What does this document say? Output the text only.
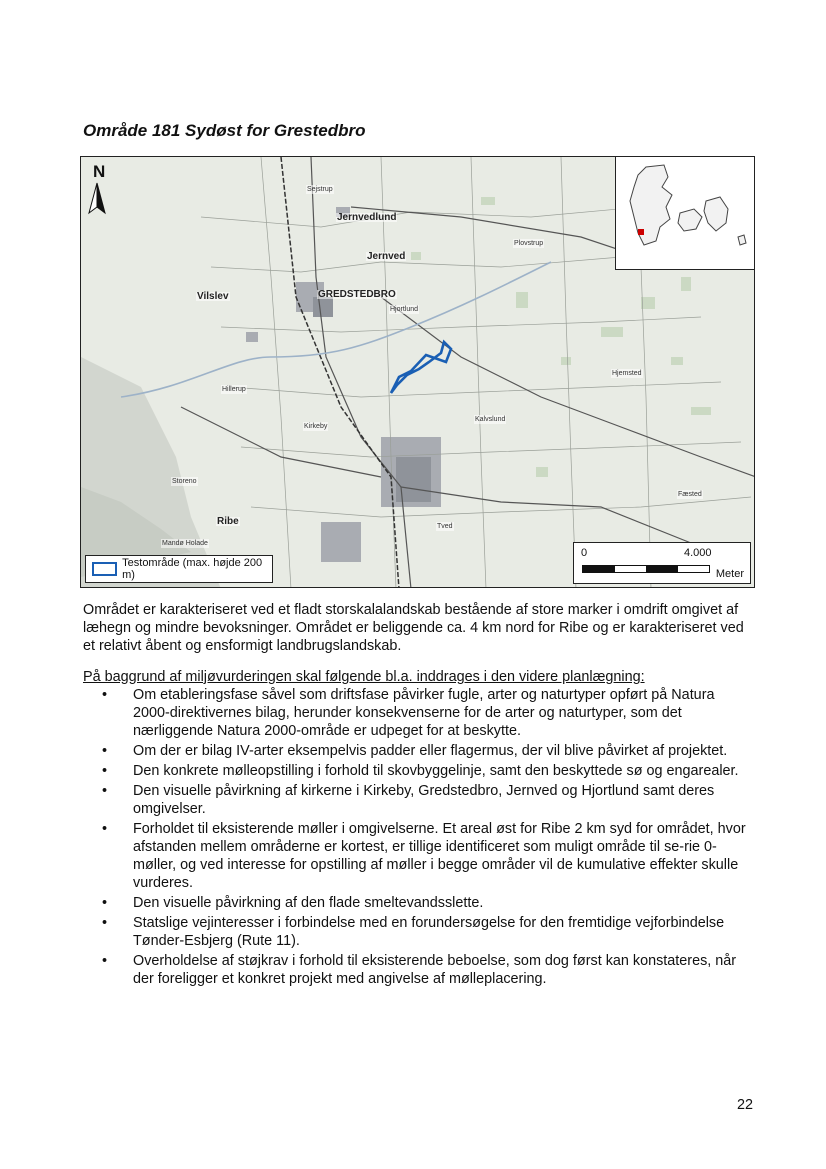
Område 181 Sydøst for Grestedbro
GREDSTEDBRO
Jernvedlund
Jernved
Plovstrup
Vilslev
Hjortlund
Hillerup
Kirkeby
Kalvslund
Hjemsted
Sejstrup
Ribe	Tved
Storeno
Mandø Holade
Fæsted
N
Testområde (max. højde 200 m)
0	4.000
Meter

Området er karakteriseret ved et fladt storskalalandskab bestående af store marker i omdrift omgivet af læhegn og mindre bevoksninger. Området er beliggende ca. 4 km nord for Ribe og er karakteriseret ved et relativt åbent og ensformigt landbrugslandskab.

På baggrund af miljøvurderingen skal følgende bl.a. inddrages i den videre planlægning:

• Om etableringsfase såvel som driftsfase påvirker fugle, arter og naturtyper opført på Natura 2000-direktivernes bilag, herunder konsekvenserne for de arter og naturtyper, som det nærliggende Natura 2000-område er udpeget for at beskytte.
• Om der er bilag IV-arter eksempelvis padder eller flagermus, der vil blive påvirket af projektet.
• Den konkrete mølleopstilling i forhold til skovbyggelinje, samt den beskyttede sø og engarealer.
• Den visuelle påvirkning af kirkerne i Kirkeby, Gredstedbro, Jernved og Hjortlund samt deres omgivelser.
• Forholdet til eksisterende møller i omgivelserne. Et areal øst for Ribe 2 km syd for området, hvor afstanden mellem områderne er kortest, er tillige identificeret som muligt område til se-rie 0-møller, og ved interesse for opstilling af møller i begge områder vil de kumulative effekter skulle vurderes.
• Den visuelle påvirkning af den flade smeltevandsslette.
• Statslige vejinteresser i forbindelse med en forundersøgelse for den fremtidige vejforbindelse Tønder-Esbjerg (Rute 11).
• Overholdelse af støjkrav i forhold til eksisterende beboelse, som dog først kan konstateres, når der foreligger et konkret projekt med angivelse af mølleplacering.
22
